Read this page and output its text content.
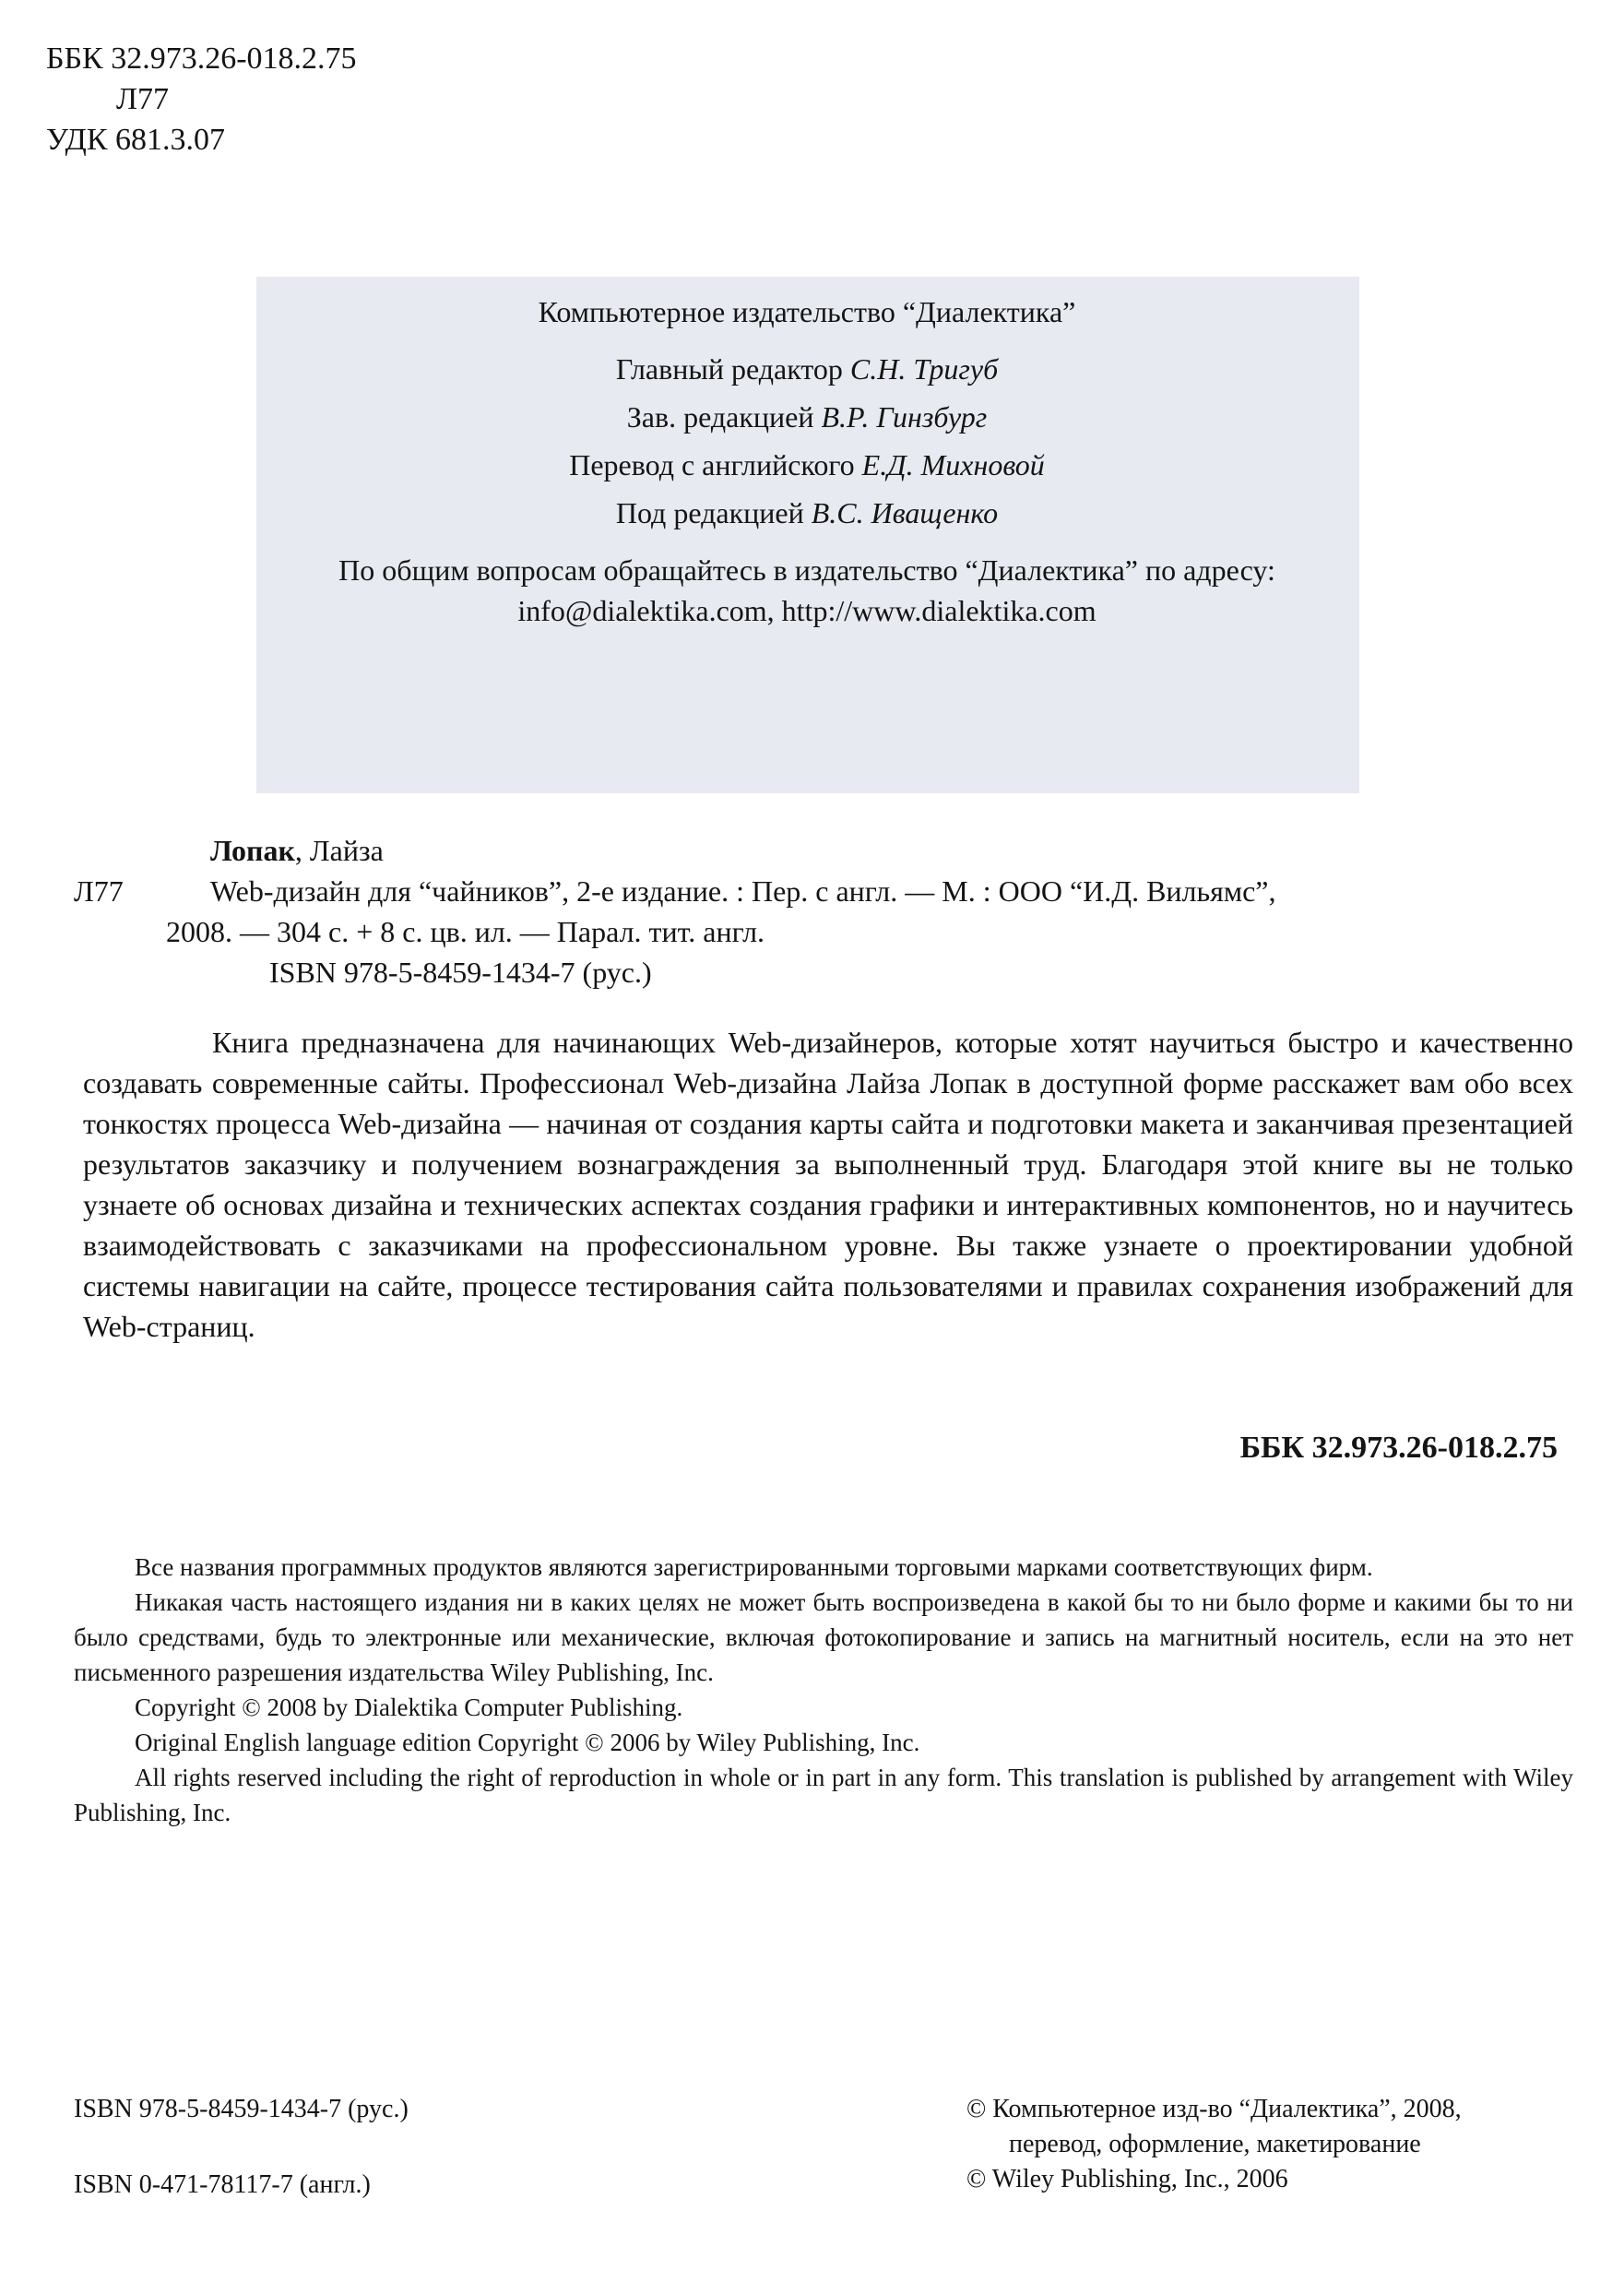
ББК 32.973.26-018.2.75
Л77
УДК 681.3.07
Компьютерное издательство “Диалектика”
Главный редактор С.Н. Тригуб
Зав. редакцией В.Р. Гинзбург
Перевод с английского Е.Д. Михновой
Под редакцией В.С. Иващенко
По общим вопросам обращайтесь в издательство “Диалектика” по адресу:
info@dialektika.com, http://www.dialektika.com
Лопак, Лайза
Л77	Web-дизайн для “чайников”, 2-е издание. : Пер. с англ. — М. : ООО “И.Д. Вильямс”,
2008. — 304 с. + 8 с. цв. ил. — Парал. тит. англ.
ISBN 978-5-8459-1434-7 (рус.)

Книга предназначена для начинающих Web-дизайнеров, которые хотят научиться быстро и качественно создавать современные сайты. Профессионал Web-дизайна Лайза Лопак в доступной форме расскажет вам обо всех тонкостях процесса Web-дизайна — начиная от создания карты сайта и подготовки макета и заканчивая презентацией результатов заказчику и получением вознаграждения за выполненный труд. Благодаря этой книге вы не только узнаете об основах дизайна и технических аспектах создания графики и интерактивных компонентов, но и научитесь взаимодействовать с заказчиками на профессиональном уровне. Вы также узнаете о проектировании удобной системы навигации на сайте, процессе тестирования сайта пользователями и правилах сохранения изображений для Web-страниц.

ББК 32.973.26-018.2.75

Все названия программных продуктов являются зарегистрированными торговыми марками соответствующих фирм.

Никакая часть настоящего издания ни в каких целях не может быть воспроизведена в какой бы то ни было форме и какими бы то ни было средствами, будь то электронные или механические, включая фотокопирование и запись на магнитный носитель, если на это нет письменного разрешения издательства Wiley Publishing, Inc.

Copyright © 2008 by Dialektika Computer Publishing.

Original English language edition Copyright © 2006 by Wiley Publishing, Inc.

All rights reserved including the right of reproduction in whole or in part in any form. This translation is published by arrangement with Wiley Publishing, Inc.

ISBN 978-5-8459-1434-7 (рус.)
ISBN 0-471-78117-7 (англ.)
© Компьютерное изд-во “Диалектика”, 2008,
перевод, оформление, макетирование
© Wiley Publishing, Inc., 2006
